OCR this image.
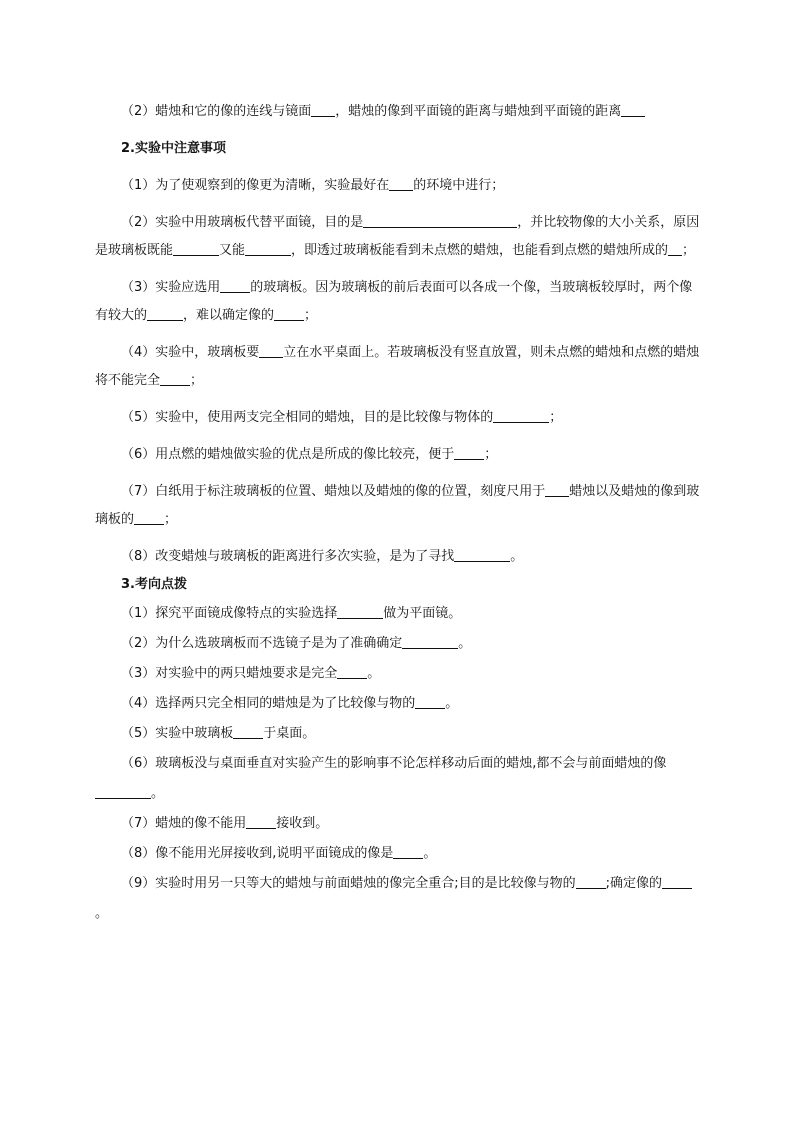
（2）蜡烛和它的像的连线与镜面 ，蜡烛的像到平面镜的距离与蜡烛到平面镜的距离

2.实验中注意事项

（1）为了使观察到的像更为清晰，实验最好在 的环境中进行；

（2）实验中用玻璃板代替平面镜，目的是	，并比较物像的大小关系，原因是玻璃板既能	又能	，即透过玻璃板能看到未点燃的蜡烛，也能看到点燃的蜡烛所成的 ；

（3）实验应选用 的玻璃板。因为玻璃板的前后表面可以各成一个像，当玻璃板较厚时，两个像有较大的	，难以确定像的 ；

（4）实验中，玻璃板要 立在水平桌面上。若玻璃板没有竖直放置，则未点燃的蜡烛和点燃的蜡烛将不能完全 ；

（5）实验中，使用两支完全相同的蜡烛，目的是比较像与物体的	；

（6）用点燃的蜡烛做实验的优点是所成的像比较亮，便于 ；

（7）白纸用于标注玻璃板的位置、蜡烛以及蜡烛的像的位置，刻度尺用于 蜡烛以及蜡烛的像到玻璃板的 ；

（8）改变蜡烛与玻璃板的距离进行多次实验，是为了寻找	。

3.考向点拨

（1）探究平面镜成像特点的实验选择	做为平面镜。

（2）为什么选玻璃板而不选镜子是为了准确确定	。

（3）对实验中的两只蜡烛要求是完全 。

（4）选择两只完全相同的蜡烛是为了比较像与物的 。

（5）实验中玻璃板 于桌面。

（6）玻璃板没与桌面垂直对实验产生的影响事不论怎样移动后面的蜡烛,都不会与前面蜡烛的像。

（7）蜡烛的像不能用 接收到。

（8）像不能用光屏接收到,说明平面镜成的像是 。

（9）实验时用另一只等大的蜡烛与前面蜡烛的像完全重合;目的是比较像与物的 ;确定像的。
